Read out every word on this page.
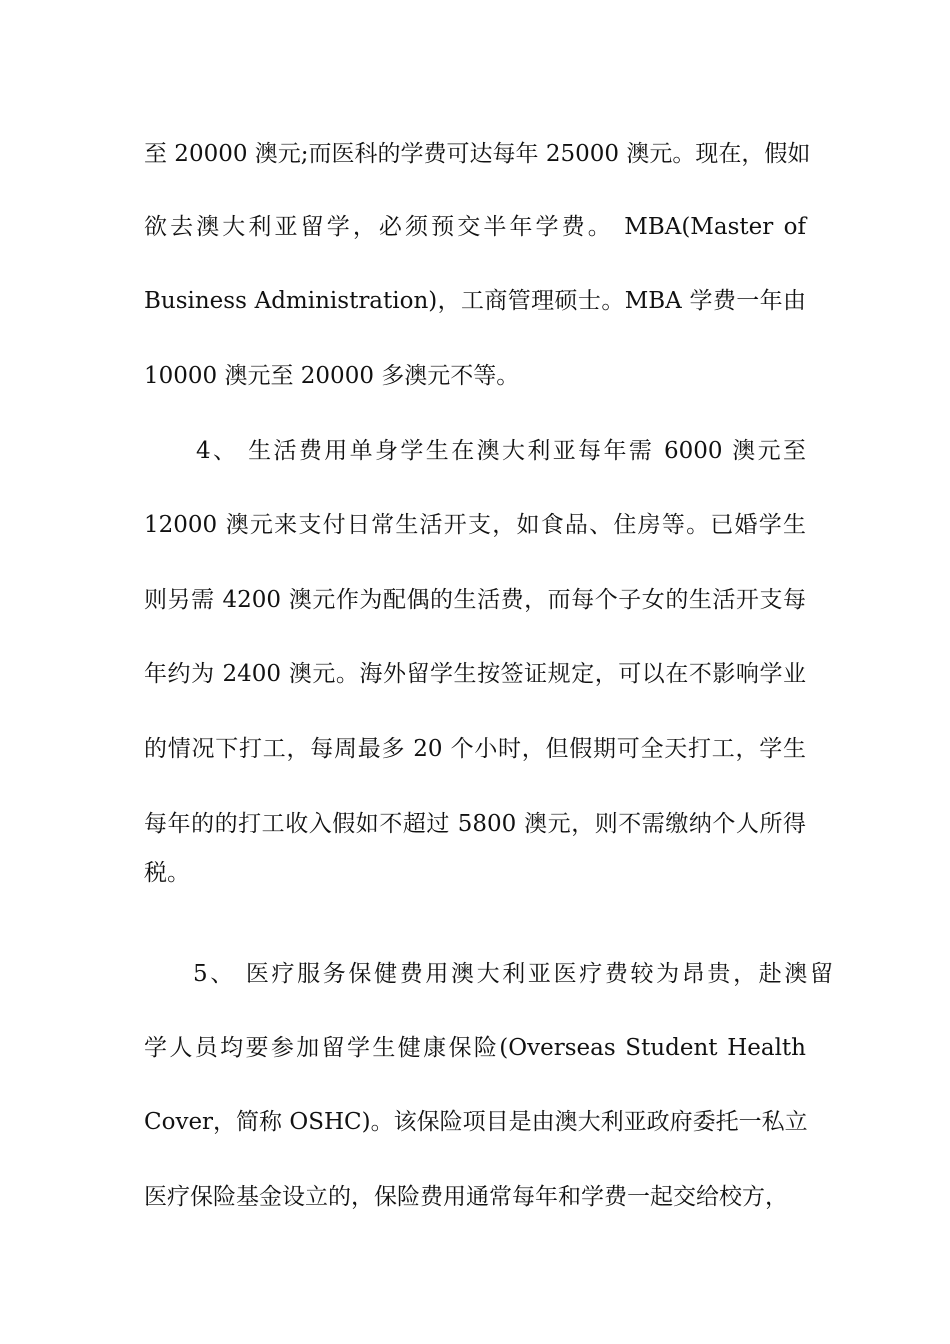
至 20000 澳元;而医科的学费可达每年 25000 澳元。现在，假如
欲去澳大利亚留学，必须预交半年学费。 MBA(Master of
Business Administration)，工商管理硕士。MBA 学费一年由
10000 澳元至 20000 多澳元不等。
4、 生活费用单身学生在澳大利亚每年需 6000 澳元至
12000 澳元来支付日常生活开支，如食品、住房等。已婚学生
则另需 4200 澳元作为配偶的生活费，而每个子女的生活开支每
年约为 2400 澳元。海外留学生按签证规定，可以在不影响学业
的情况下打工，每周最多 20 个小时，但假期可全天打工，学生
每年的的打工收入假如不超过 5800 澳元，则不需缴纳个人所得
税。
5、 医疗服务保健费用澳大利亚医疗费较为昂贵，赴澳留
学人员均要参加留学生健康保险(Overseas Student Health
Cover，简称 OSHC)。该保险项目是由澳大利亚政府委托一私立
医疗保险基金设立的，保险费用通常每年和学费一起交给校方，
